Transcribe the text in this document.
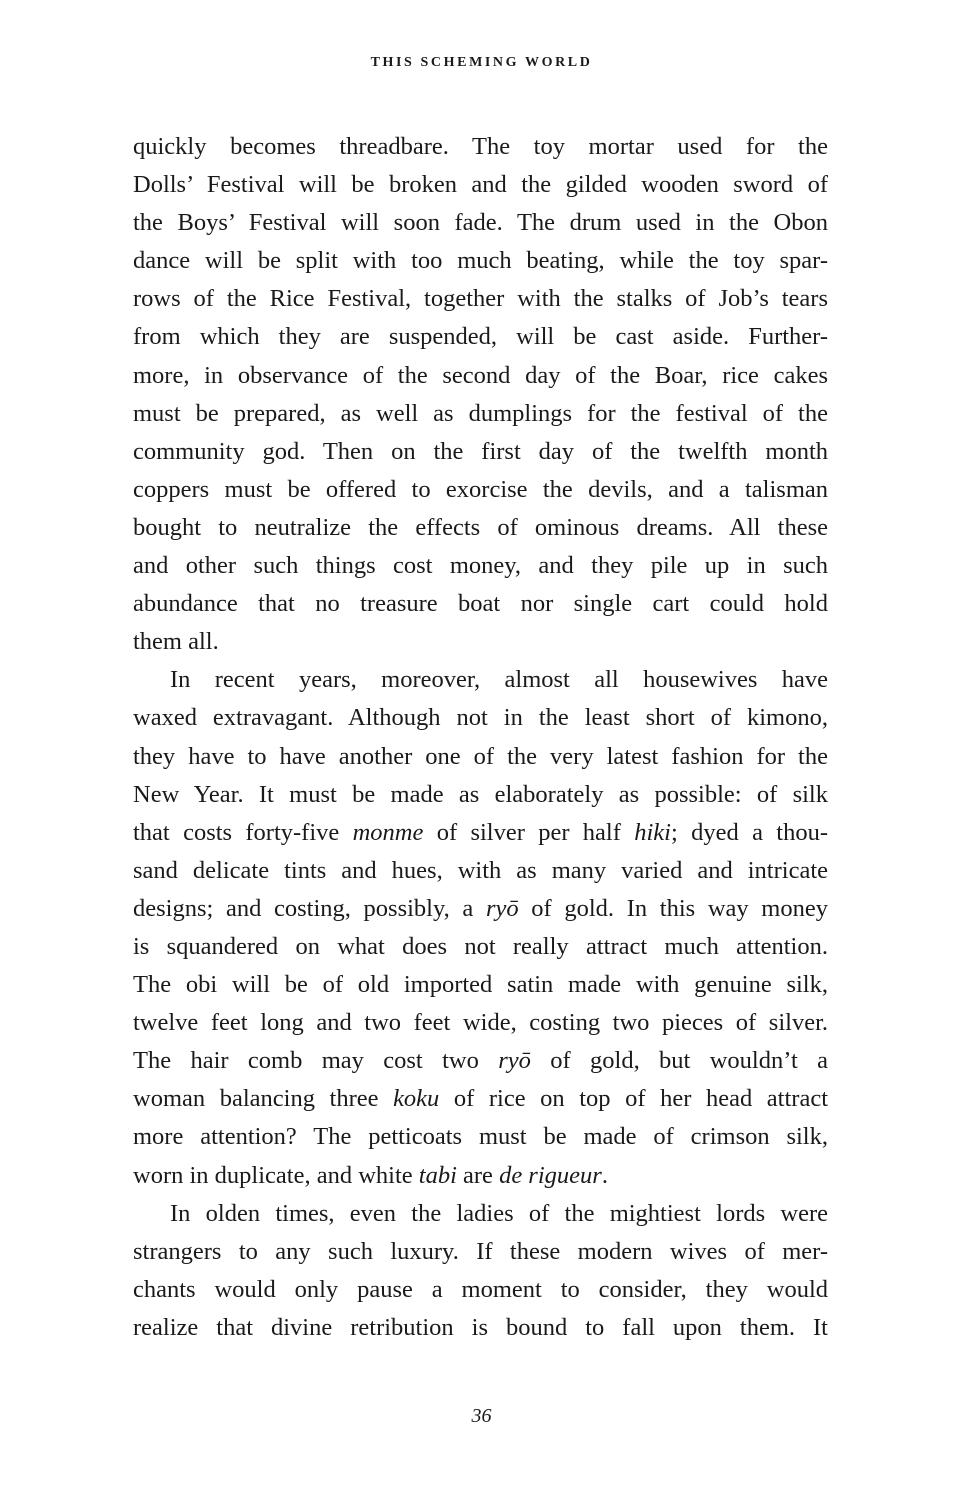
THIS SCHEMING WORLD
quickly becomes threadbare. The toy mortar used for the
Dolls’ Festival will be broken and the gilded wooden sword of
the Boys’ Festival will soon fade. The drum used in the Obon
dance will be split with too much beating, while the toy spar-
rows of the Rice Festival, together with the stalks of Job’s tears
from which they are suspended, will be cast aside. Further-
more, in observance of the second day of the Boar, rice cakes
must be prepared, as well as dumplings for the festival of the
community god. Then on the first day of the twelfth month
coppers must be offered to exorcise the devils, and a talisman
bought to neutralize the effects of ominous dreams. All these
and other such things cost money, and they pile up in such
abundance that no treasure boat nor single cart could hold
them all.
In recent years, moreover, almost all housewives have
waxed extravagant. Although not in the least short of kimono,
they have to have another one of the very latest fashion for the
New Year. It must be made as elaborately as possible: of silk
that costs forty-five monme of silver per half hiki; dyed a thou-
sand delicate tints and hues, with as many varied and intricate
designs; and costing, possibly, a ryō of gold. In this way money
is squandered on what does not really attract much attention.
The obi will be of old imported satin made with genuine silk,
twelve feet long and two feet wide, costing two pieces of silver.
The hair comb may cost two ryō of gold, but wouldn’t a
woman balancing three koku of rice on top of her head attract
more attention? The petticoats must be made of crimson silk,
worn in duplicate, and white tabi are de rigueur.
In olden times, even the ladies of the mightiest lords were
strangers to any such luxury. If these modern wives of mer-
chants would only pause a moment to consider, they would
realize that divine retribution is bound to fall upon them. It
36
